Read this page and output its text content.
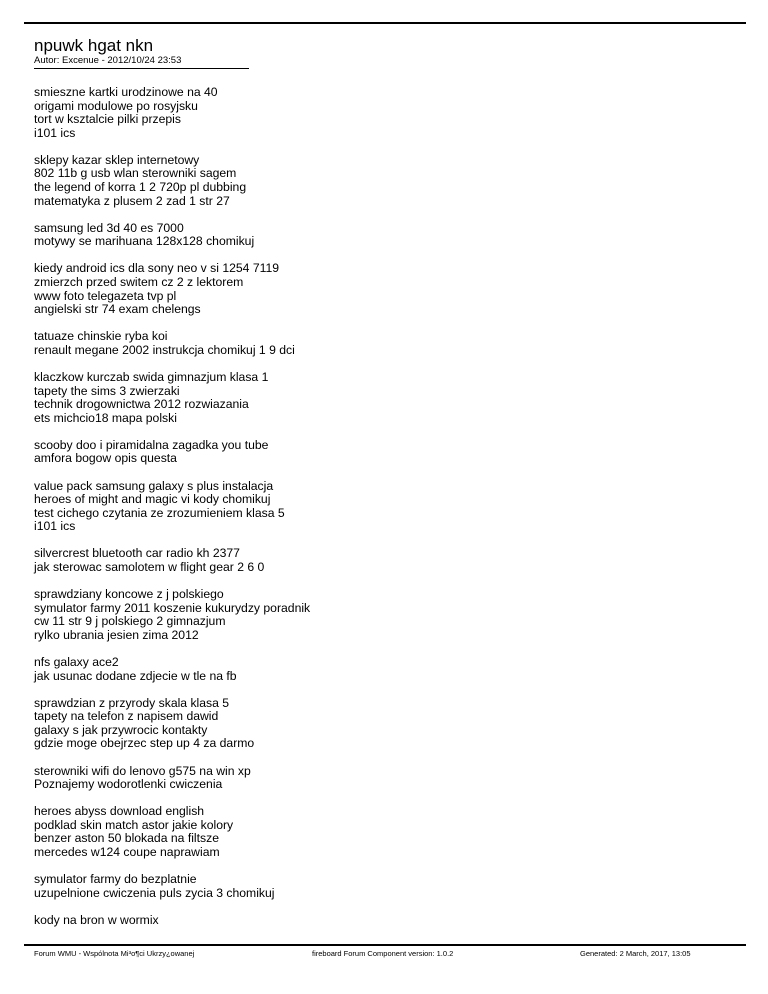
npuwk hgat nkn
Autor: Excenue - 2012/10/24 23:53
smieszne kartki urodzinowe na 40
origami modulowe po rosyjsku
tort w ksztalcie pilki przepis
i101 ics
sklepy kazar sklep internetowy
802 11b g usb wlan sterowniki sagem
the legend of korra 1 2 720p pl dubbing
matematyka z plusem 2 zad 1 str 27
samsung led 3d 40 es 7000
motywy se marihuana 128x128 chomikuj
kiedy android ics dla sony neo v si 1254 7119
zmierzch przed switem cz 2 z lektorem
www foto telegazeta tvp pl
angielski str 74 exam chelengs
tatuaze chinskie ryba koi
renault megane 2002 instrukcja chomikuj 1 9 dci
klaczkow kurczab swida gimnazjum klasa 1
tapety the sims 3 zwierzaki
technik drogownictwa 2012 rozwiazania
ets michcio18 mapa polski
scooby doo i piramidalna zagadka you tube
amfora bogow opis questa
value pack samsung galaxy s plus instalacja
heroes of might and magic vi kody chomikuj
test cichego czytania ze zrozumieniem klasa 5
i101 ics
silvercrest bluetooth car radio kh 2377
jak sterowac samolotem w flight gear 2 6 0
sprawdziany koncowe z j polskiego
symulator farmy 2011 koszenie kukurydzy poradnik
cw 11 str 9 j polskiego 2 gimnazjum
rylko ubrania jesien zima 2012
nfs galaxy ace2
jak usunac dodane zdjecie w tle na fb
sprawdzian z przyrody skala klasa 5
tapety na telefon z napisem dawid
galaxy s jak przywrocic kontakty
gdzie moge obejrzec step up 4 za darmo
sterowniki wifi do lenovo g575 na win xp
Poznajemy wodorotlenki cwiczenia
heroes abyss download english
podklad skin match astor jakie kolory
benzer aston 50 blokada na filtsze
mercedes w124 coupe naprawiam
symulator farmy do bezplatnie
uzupelnione cwiczenia puls zycia 3 chomikuj
kody na bron w wormix
Forum WMU - Wspólnota Mi³o¶ci Ukrzy¿owanej	fireboard Forum Component version: 1.0.2	Generated: 2 March, 2017, 13:05
